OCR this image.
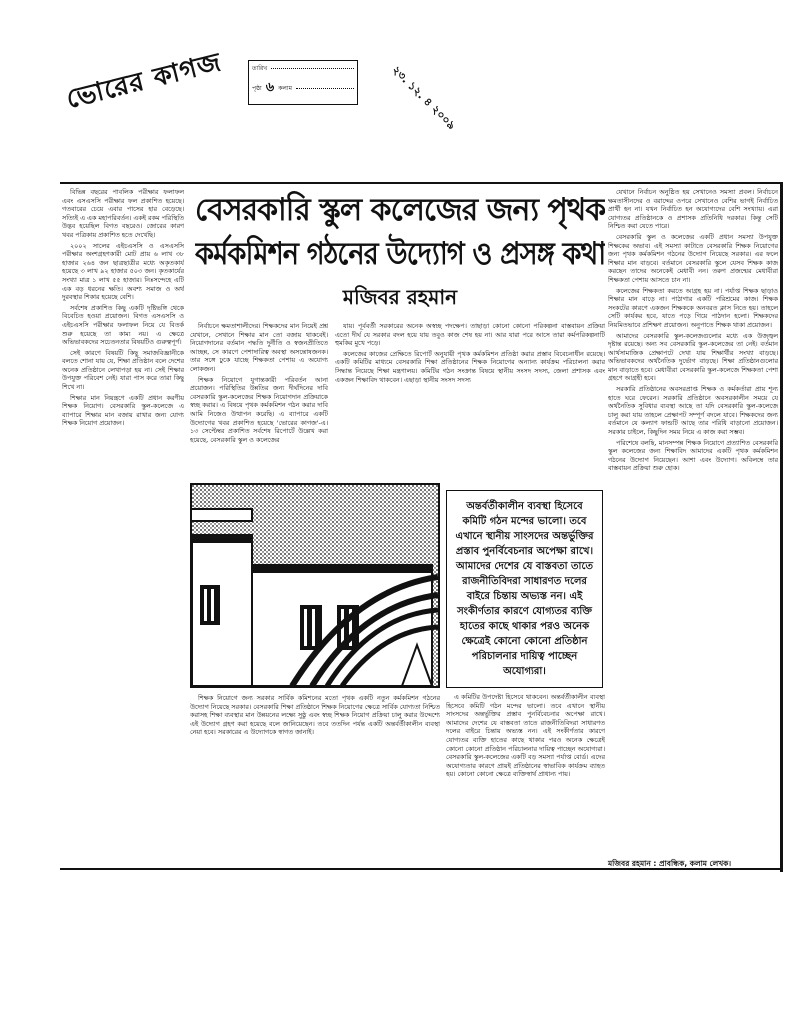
ভোরের কাগজ	তারিখ
পৃষ্ঠা ৬ কলাম	২৩. ১২. ৪ ২০০৯

বিভিন্ন বছরের পাবলিক পরীক্ষার ফলাফল এবং এসএসসি পরীক্ষার ফল প্রকাশিত হয়েছে। গতবারের চেয়ে এবার পাসের হার বেড়েছে। সত্যিই এ এক মহাপরিবর্তন। একই রকম পরিস্থিতি উদ্ভব হয়েছিল বিগত বছরেও। জোরের কারণ খবর পত্রিকায় প্রকাশিত হতে দেখেছি।

২০০২ সালের এইচএসসি ও এসএসসি পরীক্ষার অংশগ্রহণকারী মোট প্রায় ৬ লাখ ৩৮ হাজার ২৬৪ জন ছাত্রছাত্রীর মধ্যে অকৃতকার্য হয়েছে ৩ লাখ ৯২ হাজার ৫০৩ জন। কৃতকার্যের সংখ্যা মাত্র ১ লাখ ৫৫ হাজার। নিঃসন্দেহে এটি এক বড় ধরনের ক্ষতি। অবশ্য সমাজ ও অর্থ দুরবস্থার শিকার হয়েছে বেশি।

সর্বশেষ প্রকাশিত কিছু একটি দৃষ্টিভঙ্গি থেকে বিবেচিত হওয়া প্রয়োজন। বিগত এসএসসি ও এইচএসসি পরীক্ষার ফলাফল নিয়ে যে বিতর্ক শুরু হয়েছে তা কাম্য নয়। এ ক্ষেত্রে অভিভাবকদের সচেতনতার বিষয়টিও গুরুত্বপূর্ণ।

সেই কারণে বিষয়টি কিছু সমাজবিজ্ঞানীকে বলতে শোনা যায় যে, শিক্ষা প্রতিষ্ঠান বলে দেশের অনেক প্রতিষ্ঠানে লেখাপড়া হয় না। সেই শিক্ষার উপযুক্ত পরিবেশ নেই। যারা পাস করে তারা কিছু শিখে না।

শিক্ষার মান নিয়ন্ত্রণে একটি প্রধান করণীয় শিক্ষক নিয়োগ। বেসরকারি স্কুল-কলেজে এ ব্যাপারে শিক্ষার মান বজায় রাখার জন্য যোগ্য শিক্ষক নিয়োগ প্রয়োজন।

বেসরকারি স্কুল কলেজের জন্য পৃথক
কর্মকমিশন গঠনের উদ্যোগ ও প্রসঙ্গ কথা
মজিবর রহমান

নির্বাচনে ক্ষমতাশালীদের। শিক্ষকদের মান নিয়েই প্রশ্ন যেখানে, সেখানে শিক্ষার মান তো বজায় থাকবেই। নিয়োগদানের বর্তমান পদ্ধতি দুর্নীতি ও স্বজনপ্রীতিতে আচ্ছন্ন, সে কারণে পেশাদারিত্ব অবস্থা অসন্তোষজনক। তার সঙ্গে ঢুকে যাচ্ছে শিক্ষকতা পেশায় এ অযোগ্য লোকজন।

শিক্ষক নিয়োগে যুগান্তকারী পরিবর্তন আনা প্রয়োজন। পরিস্থিতির উন্নতির জন্য দীর্ঘদিনের দাবি বেসরকারি স্কুল-কলেজের শিক্ষক নিয়োগদান প্রক্রিয়াকে স্বচ্ছ করার। এ বিষয়ে পৃথক কর্মকমিশন গঠন করার দাবি আমি নিজেও উত্থাপন করেছি। এ ব্যাপারে একটি উদ্যোগের খবর প্রকাশিত হয়েছে 'ভোরের কাগজ'-এ। ১৩ সেপ্টেম্বর প্রকাশিত সর্বশেষ রিপোর্টে উল্লেখ করা হয়েছে, বেসরকারি স্কুল ও কলেজের

যায়। পূর্ববর্তী সরকারের অনেক অস্বচ্ছ পদক্ষেপ। তাছাড়া কোনো কোনো পরিকল্পনা বাস্তবায়ন প্রক্রিয়া এতো দীর্ঘ যে সরকার বদল হয়ে যায় তবুও কাজ শেষ হয় না। আর যারা পরে আসে তারা কর্মপরিকল্পনাটি হুমকির মুখে পড়ে।

কলেজের কাজের প্রেক্ষিতে রিপোর্ট অনুযায়ী পৃথক কর্মকমিশন প্রতিষ্ঠা করার প্রস্তাব বিবেচনাধীন রয়েছে। একটি কমিটির মাধ্যমে বেসরকারি শিক্ষা প্রতিষ্ঠানের শিক্ষক নিয়োগের অন্যান্য কার্যক্রম পরিচালনা করার সিদ্ধান্ত নিয়েছে শিক্ষা মন্ত্রণালয়। কমিটির গঠন সংক্রান্ত বিষয়ে স্থানীয় সংসদ সদস্য, জেলা প্রশাসক এবং একজন শিক্ষাবিদ থাকবেন। এছাড়া স্থানীয় সংসদ সদস্য

অন্তর্বর্তীকালীন ব্যবস্থা হিসেবে কমিটি গঠন মন্দের ভালো। তবে এখানে স্থানীয় সাংসদের অন্তর্ভুক্তির প্রস্তাব পুনর্বিবেচনার অপেক্ষা রাখে। আমাদের দেশের যে বাস্তবতা তাতে রাজনীতিবিদরা সাধারণত দলের বাইরে চিন্তায় অভ্যস্ত নন। এই সংকীর্ণতার কারণে যোগ্যতর ব্যক্তি হাতের কাছে থাকার পরও অনেক ক্ষেত্রেই কোনো কোনো প্রতিষ্ঠান পরিচালনার দায়িত্ব পাচ্ছেন অযোগ্যরা।

এ কমিটির উপদেষ্টা হিসেবে থাকবেন। অন্তর্বর্তীকালীন ব্যবস্থা হিসেবে কমিটি গঠন মন্দের ভালো। তবে এখানে স্থানীয় সাংসদের অন্তর্ভুক্তির প্রস্তাব পুনর্বিবেচনার অপেক্ষা রাখে। আমাদের দেশের যে বাস্তবতা তাতে রাজনীতিবিদরা সাধারণত দলের বাইরে চিন্তায় অভ্যস্ত নন। এই সংকীর্ণতার কারণে যোগ্যতর ব্যক্তি হাতের কাছে থাকার পরও অনেক ক্ষেত্রেই কোনো কোনো প্রতিষ্ঠান পরিচালনার দায়িত্ব পাচ্ছেন অযোগ্যরা। বেসরকারি স্কুল-কলেজের একটি বড় সমস্যা পর্যাপ্ত বোর্ড। এদের অযোগ্যতার কারণে প্রায়ই প্রতিষ্ঠানের স্বাভাবিক কার্যক্রম ব্যাহত হয়। কোনো কোনো ক্ষেত্রে ব্যক্তিস্বার্থ প্রাধান্য পায়।

শিক্ষক নিয়োগে জন্য সরকার সার্বিক কমিশনের মতো পৃথক একটি নতুন কর্মকমিশন গঠনের উদ্যোগ নিয়েছে সরকার। বেসরকারি শিক্ষা প্রতিষ্ঠানে শিক্ষক নিয়োগের ক্ষেত্রে সার্বিক যোগ্যতা নিশ্চিত করাসহ শিক্ষা ব্যবস্থার মান উন্নয়নের লক্ষ্যে সুষ্ঠু এবং স্বচ্ছ শিক্ষক নিয়োগ প্রক্রিয়া চালু করার উদ্দেশ্যে এই উদ্যোগ গ্রহণ করা হয়েছে বলে জানিয়েছেন। তবে ততদিন পর্যন্ত একটি অন্তর্বর্তীকালীন ব্যবস্থা নেয়া হবে। সরকারের এ উদ্যোগকে স্বাগত জানাই।

যেখানে নির্বাচন অনুষ্ঠিত হয় সেখানেও সমস্যা প্রবল। নির্বাচনে ক্ষমতাসীনদের ও বরাদ্দের ওপরে সেখানেও বেশির ভাগই নির্বাচিত প্রার্থী হন না। যখন নির্বাচিত হন অযোগ্যদের বেশি সংখ্যায়। এরা যোগ্যতর প্রতিষ্ঠানকে ও প্রশাসক প্রতিনিধি দরকার। কিন্তু সেটি নিশ্চিত করা যেতে পারে।

বেসরকারি স্কুল ও কলেজের একটি প্রধান সমস্যা উপযুক্ত শিক্ষকের অভাব। এই সমস্যা কাটাতে বেসরকারি শিক্ষক নিয়োগের জন্য পৃথক কর্মকমিশন গঠনের উদ্যোগ নিয়েছে সরকার। এর ফলে শিক্ষার মান বাড়বে। বর্তমানে বেসরকারি স্কুলে যেসব শিক্ষক কাজ করছেন তাদের অনেকেই মেধাবী নন। তরুণ প্রজন্মের মেধাবীরা শিক্ষকতা পেশায় আসতে চান না।

কলেজের শিক্ষকতা করতে আগ্রহ হয় না। পর্যাপ্ত শিক্ষক ছাড়াও শিক্ষার মান বাড়ে না। পাঠাগার একটি পরিশ্রমের কাজ। শিক্ষক সংকটের কারণে একজন শিক্ষককে অনবরত ক্লাস নিতে হয়। তাহলে সেটি কার্যকর হবে, যাতে পড়ে গিয়ে পাঠদান হলো। শিক্ষকদের নিয়মিতভাবে প্রশিক্ষণ প্রয়োজন। অনুপাতে শিক্ষক থাকা প্রয়োজন।

আমাদের বেসরকারি স্কুল-কলেজগুলোর মধ্যে এক উজ্জ্বল দৃষ্টান্ত রয়েছে। অন্য সব বেসরকারি স্কুল-কলেজের তা নেই। বর্তমান আর্থসামাজিক প্রেক্ষাপটে দেখা যায় শিক্ষার্থীর সংখ্যা বাড়ছে। অভিভাবকদের অর্থনৈতিক দুর্ভোগ বাড়ছে। শিক্ষা প্রতিষ্ঠানগুলোর মান বাড়াতে হবে। মেধাবীরা বেসরকারি স্কুল-কলেজে শিক্ষকতা পেশা গ্রহণে আগ্রহী হবে।

সরকারি প্রতিষ্ঠানের অবসরপ্রাপ্ত শিক্ষক ও কর্মকর্তারা প্রায় শূন্য হাতে ঘরে ফেরেন। সরকারি প্রতিষ্ঠানে অবসরকালীন সময়ে যে অর্থনৈতিক সুবিধার ব্যবস্থা আছে তা যদি বেসরকারি স্কুল-কলেজে চালু করা যায় তাহলে প্রেক্ষাপট সম্পূর্ণ বদলে যাবে। শিক্ষকদের জন্য বর্তমানে যে কল্যাণ ফান্ডটি আছে তার পরিধি বাড়ানো প্রয়োজন। সরকার চাইলে, কিছুদিন সময় নিয়ে এ কাজ করা সম্ভব।

পরিশেষে বলছি, মানসম্পন্ন শিক্ষক নিয়োগে প্রত্যাশিত বেসরকারি স্কুল কলেজের জন্য শিক্ষাবিদ আমাদের একটি পৃথক কর্মকমিশন গঠনের উদ্যোগ নিয়েছেন। আশা এবং উদ্যোগ। অবিলম্বে তার বাস্তবায়ন প্রক্রিয়া শুরু হোক।

মজিবর রহমান : প্রাবন্ধিক, কলাম লেখক।
